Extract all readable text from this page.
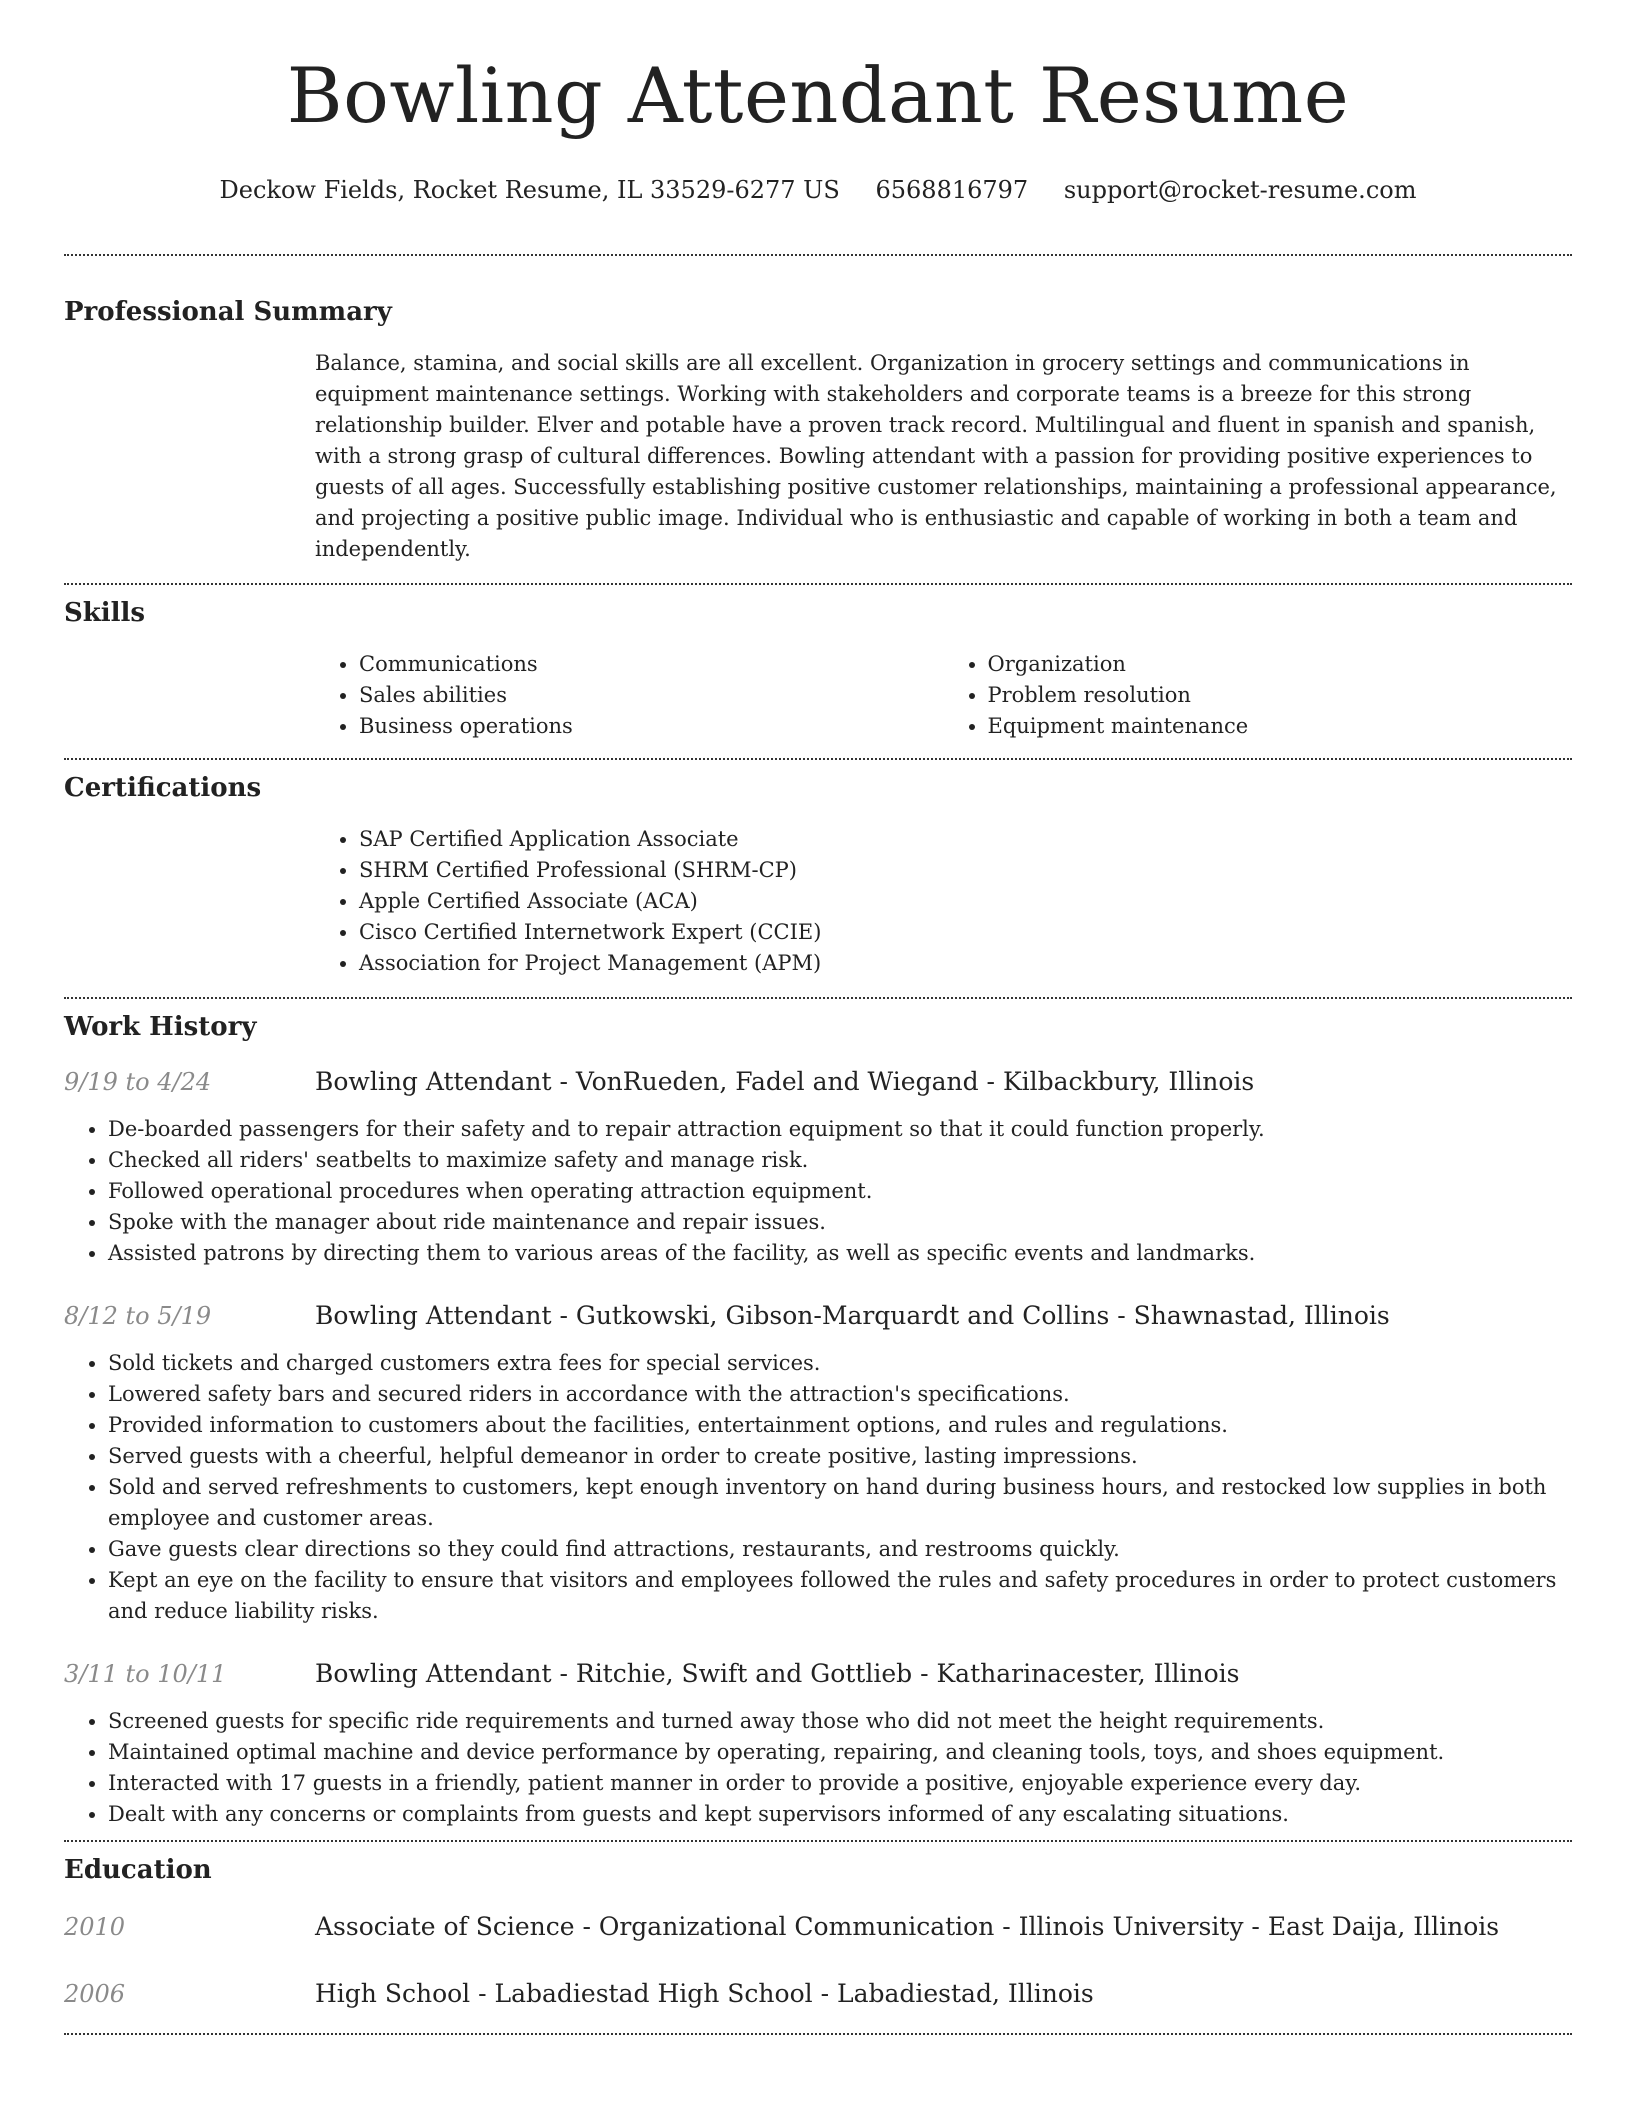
Bowling Attendant Resume
Deckow Fields, Rocket Resume, IL 33529-6277 US 6568816797 support@rocket-resume.com
Professional Summary

Balance, stamina, and social skills are all excellent. Organization in grocery settings and communications in equipment maintenance settings. Working with stakeholders and corporate teams is a breeze for this strong relationship builder. Elver and potable have a proven track record. Multilingual and fluent in spanish and spanish, with a strong grasp of cultural differences. Bowling attendant with a passion for providing positive experiences to guests of all ages. Successfully establishing positive customer relationships, maintaining a professional appearance, and projecting a positive public image. Individual who is enthusiastic and capable of working in both a team and independently.

Skills
• Communications
• Sales abilities
• Business operations
• Organization
• Problem resolution
• Equipment maintenance
Certifications
• SAP Certified Application Associate
• SHRM Certified Professional (SHRM-CP)
• Apple Certified Associate (ACA)
• Cisco Certified Internetwork Expert (CCIE)
• Association for Project Management (APM)
Work History
9/19 to 4/24	Bowling Attendant - VonRueden, Fadel and Wiegand - Kilbackbury, Illinois
• De-boarded passengers for their safety and to repair attraction equipment so that it could function properly.
• Checked all riders' seatbelts to maximize safety and manage risk.
• Followed operational procedures when operating attraction equipment.
• Spoke with the manager about ride maintenance and repair issues.
• Assisted patrons by directing them to various areas of the facility, as well as specific events and landmarks.
8/12 to 5/19	Bowling Attendant - Gutkowski, Gibson-Marquardt and Collins - Shawnastad, Illinois
• Sold tickets and charged customers extra fees for special services.
• Lowered safety bars and secured riders in accordance with the attraction's specifications.
• Provided information to customers about the facilities, entertainment options, and rules and regulations.
• Served guests with a cheerful, helpful demeanor in order to create positive, lasting impressions.
• Sold and served refreshments to customers, kept enough inventory on hand during business hours, and restocked low supplies in both employee and customer areas.
• Gave guests clear directions so they could find attractions, restaurants, and restrooms quickly.
• Kept an eye on the facility to ensure that visitors and employees followed the rules and safety procedures in order to protect customers and reduce liability risks.
3/11 to 10/11	Bowling Attendant - Ritchie, Swift and Gottlieb - Katharinacester, Illinois
• Screened guests for specific ride requirements and turned away those who did not meet the height requirements.
• Maintained optimal machine and device performance by operating, repairing, and cleaning tools, toys, and shoes equipment.
• Interacted with 17 guests in a friendly, patient manner in order to provide a positive, enjoyable experience every day.
• Dealt with any concerns or complaints from guests and kept supervisors informed of any escalating situations.
Education
2010	Associate of Science - Organizational Communication - Illinois University - East Daija, Illinois
2006	High School - Labadiestad High School - Labadiestad, Illinois
